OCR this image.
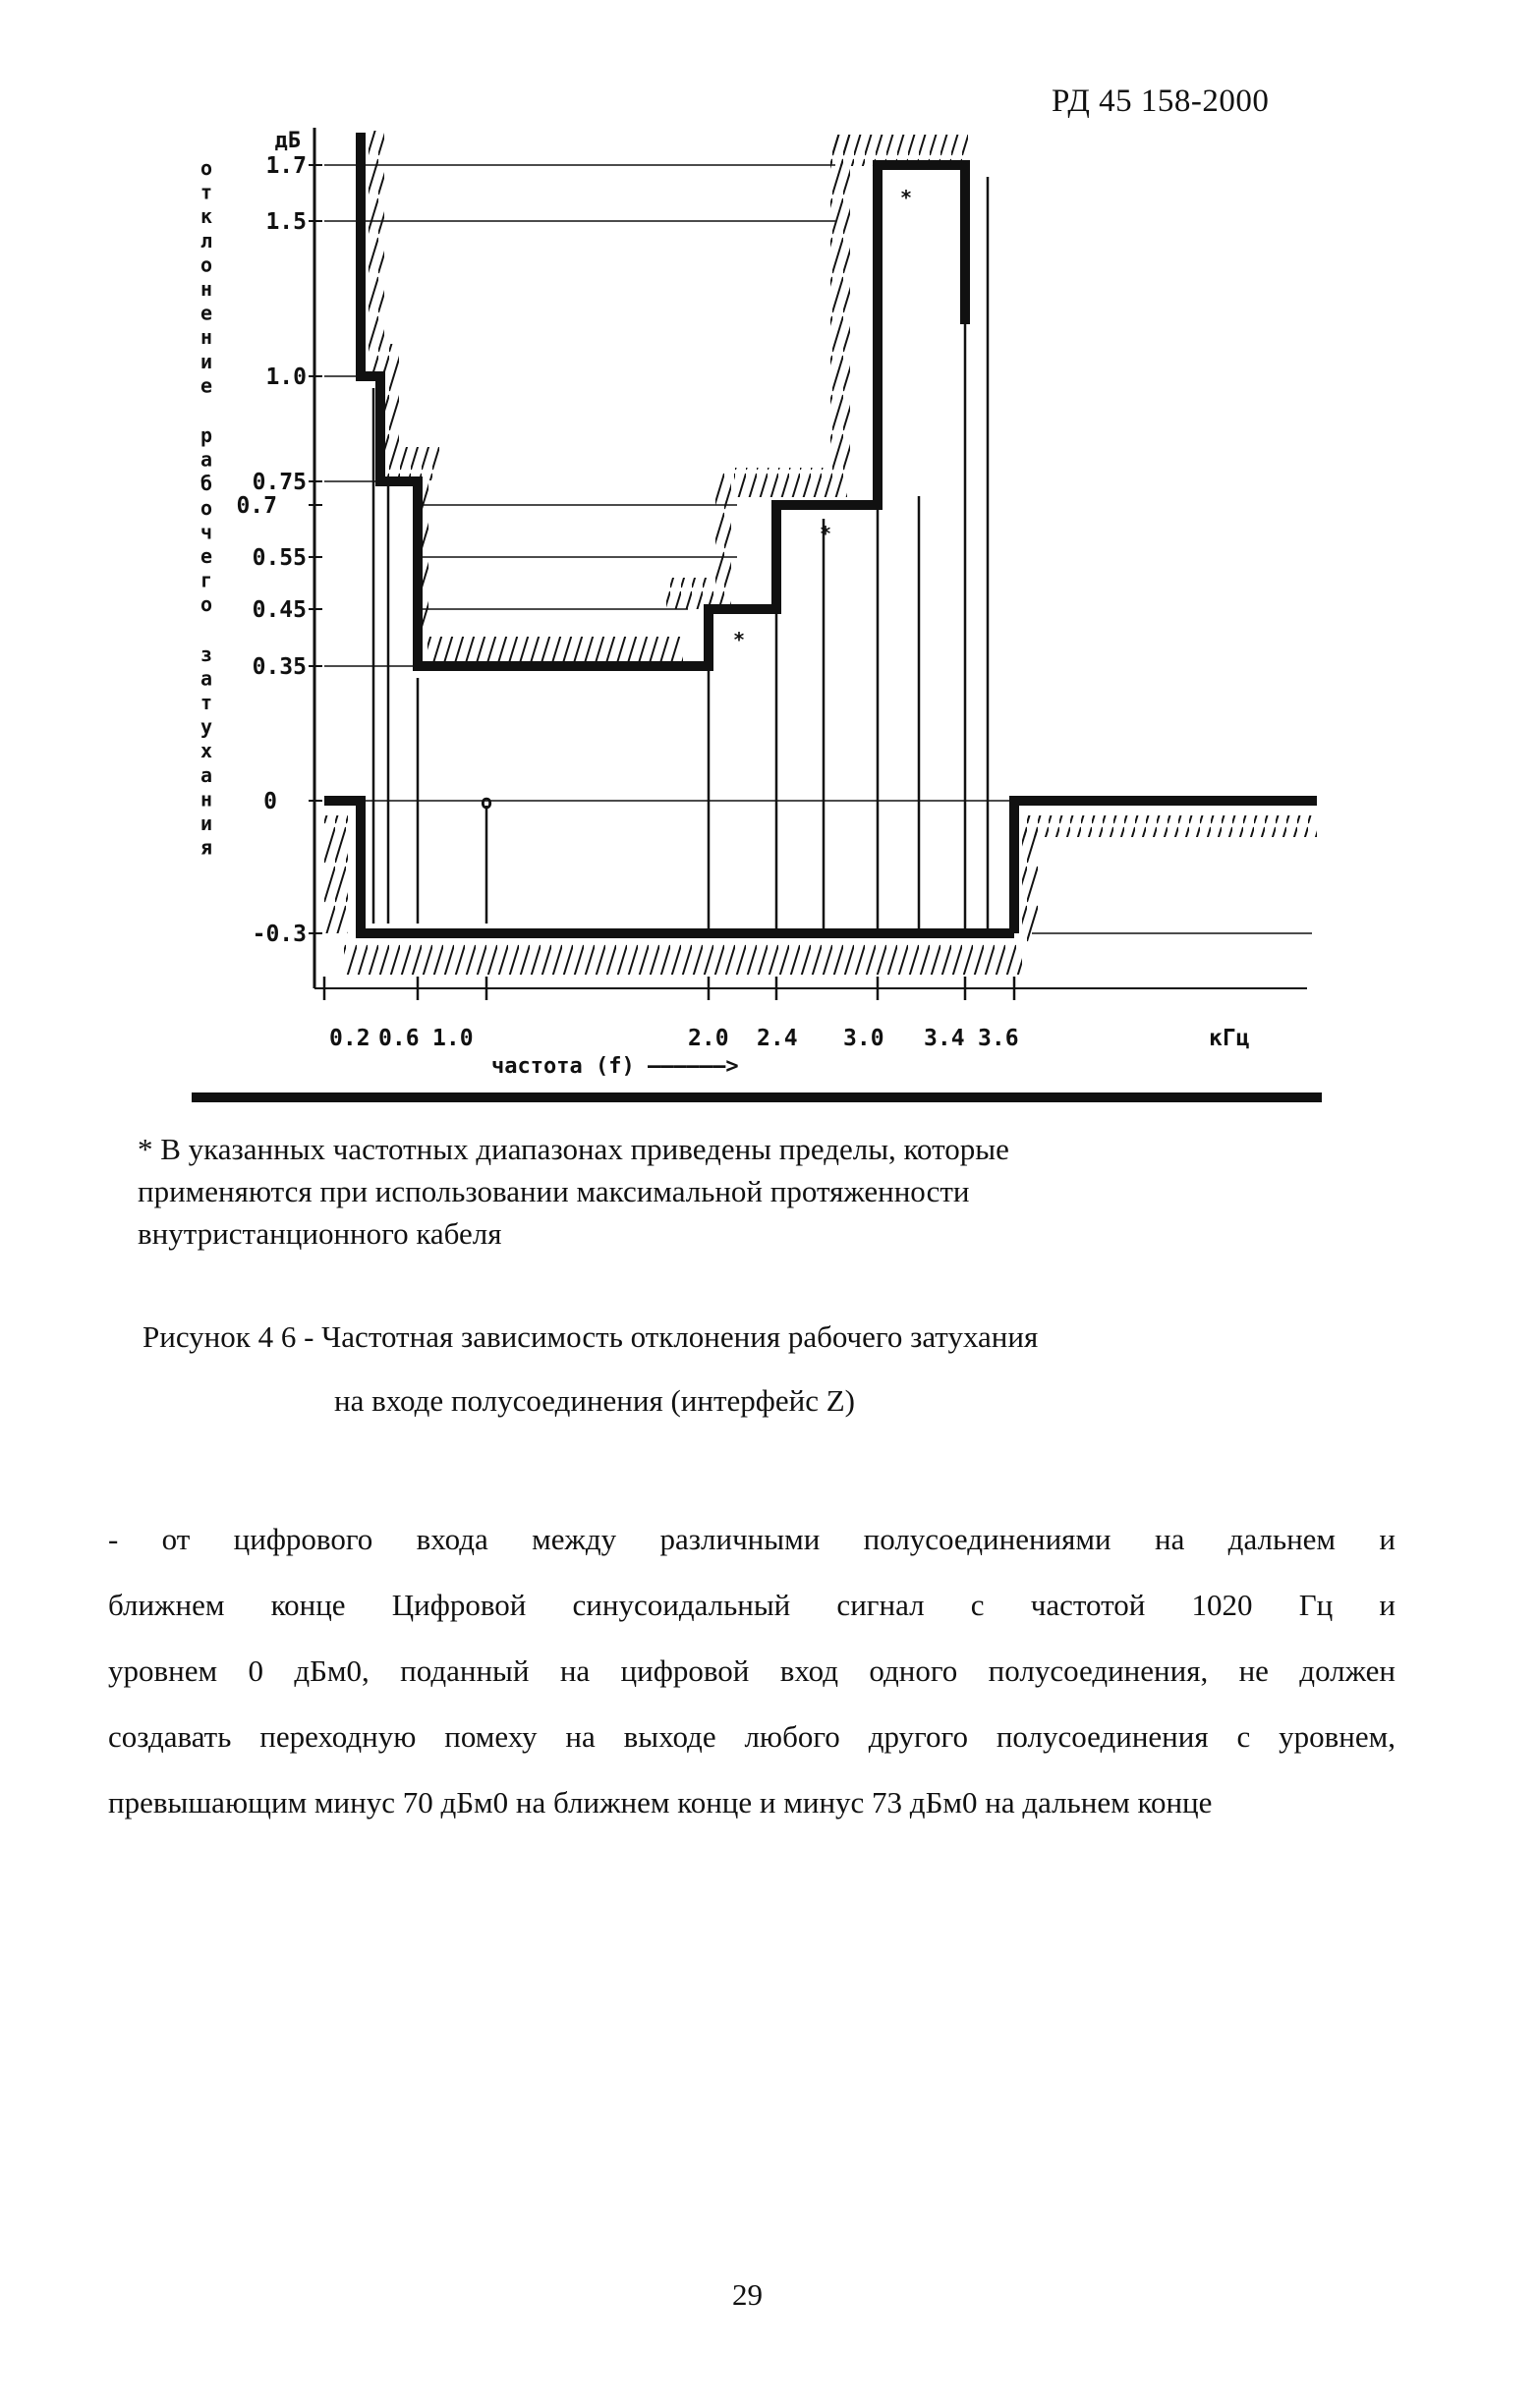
РД 45 158-2000
дБ
1.7
1.5
1.0
0.75
0.7
0.55
0.45
0.35
0
-0.3
о
т
к
л
о
н
е
н
и
е
р
а
б
о
ч
е
г
о
з
а
т
у
х
а
н
и
я
0.2 0.6 1.0	2.0 2.4 3.0 3.4 3.6	кГц
частота (f) ——————>
o
*
*
*
* В указанных частотных диапазонах приведены пределы, которые
применяются при использовании максимальной протяженности
внутристанционного кабеля
Рисунок 4 6 - Частотная зависимость отклонения рабочего затухания
на входе полусоединения (интерфейс Z)
- от цифрового входа между различными полусоединениями на дальнем и
ближнем конце Цифровой синусоидальный сигнал с частотой 1020 Гц и
уровнем 0 дБм0, поданный на цифровой вход одного полусоединения, не должен
создавать переходную помеху на выходе любого другого полусоединения с уровнем,
превышающим минус 70 дБм0 на ближнем конце и минус 73 дБм0 на дальнем конце
29
